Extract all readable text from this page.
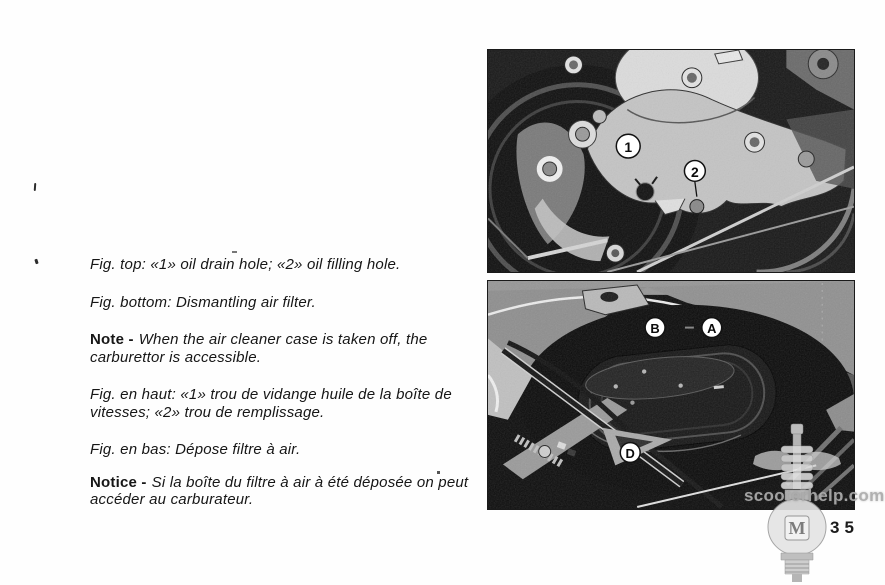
Fig. top: «1» oil drain hole; «2» oil filling hole.

Fig. bottom: Dismantling air filter.

Note - When the air cleaner case is taken off, the carburettor is accessible.

Fig. en haut: «1» trou de vidange huile de la boîte de vitesses; «2» trou de remplissage.

Fig. en bas: Dépose filtre à air.

Notice - Si la boîte du filtre à air à été déposée on peut accéder au carburateur.

1
2
B	A
D
M
scooterhelp.com
35
